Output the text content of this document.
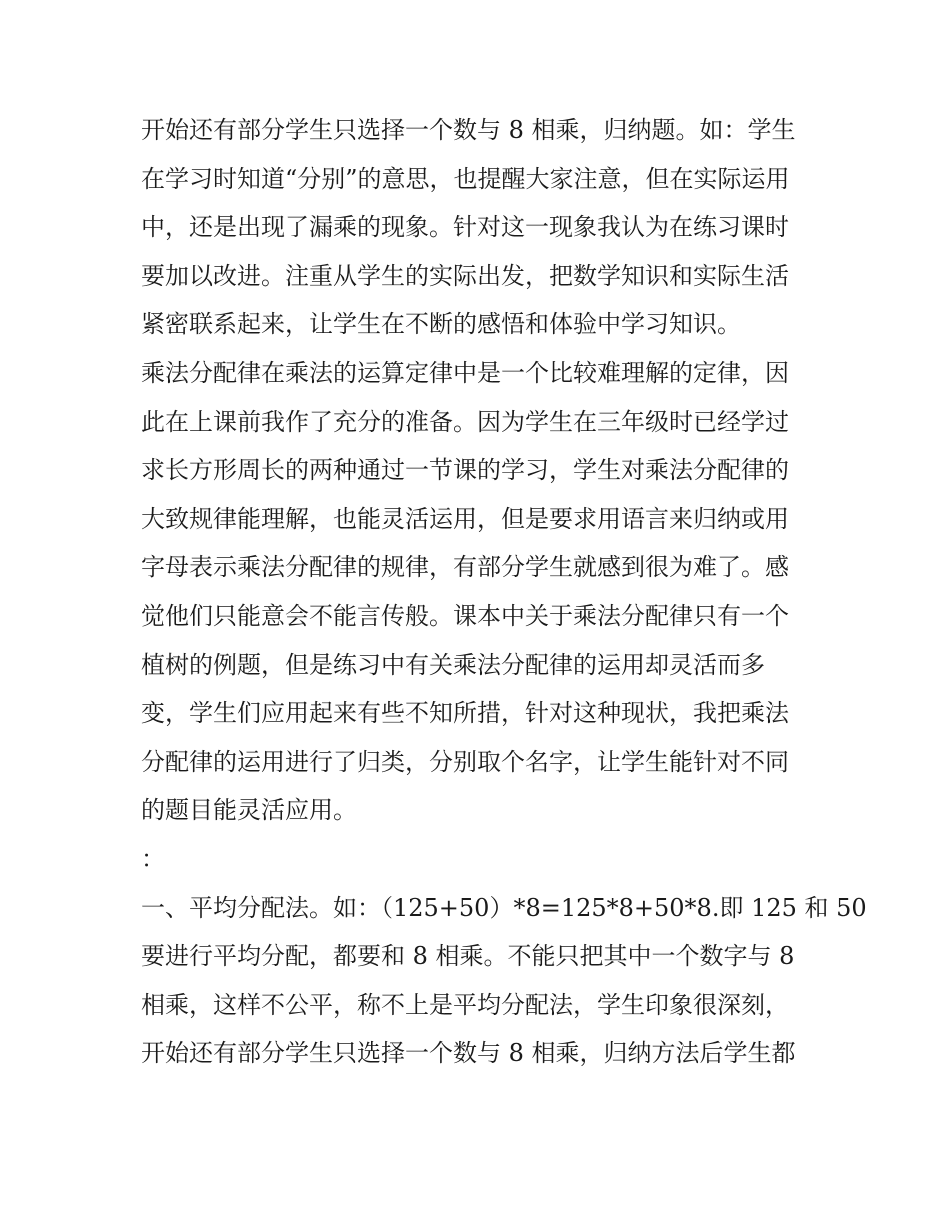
开始还有部分学生只选择一个数与 8 相乘，归纳题。如：学生
在学习时知道“分别”的意思，也提醒大家注意，但在实际运用
中，还是出现了漏乘的现象。针对这一现象我认为在练习课时
要加以改进。注重从学生的实际出发，把数学知识和实际生活
紧密联系起来，让学生在不断的感悟和体验中学习知识。
乘法分配律在乘法的运算定律中是一个比较难理解的定律，因
此在上课前我作了充分的准备。因为学生在三年级时已经学过
求长方形周长的两种通过一节课的学习，学生对乘法分配律的
大致规律能理解，也能灵活运用，但是要求用语言来归纳或用
字母表示乘法分配律的规律，有部分学生就感到很为难了。感
觉他们只能意会不能言传般。课本中关于乘法分配律只有一个
植树的例题，但是练习中有关乘法分配律的运用却灵活而多
变，学生们应用起来有些不知所措，针对这种现状，我把乘法
分配律的运用进行了归类，分别取个名字，让学生能针对不同
的题目能灵活应用。
：
一、平均分配法。如：（125+50）*8=125*8+50*8.即 125 和 50
要进行平均分配，都要和 8 相乘。不能只把其中一个数字与 8
相乘，这样不公平，称不上是平均分配法，学生印象很深刻，
开始还有部分学生只选择一个数与 8 相乘，归纳方法后学生都
